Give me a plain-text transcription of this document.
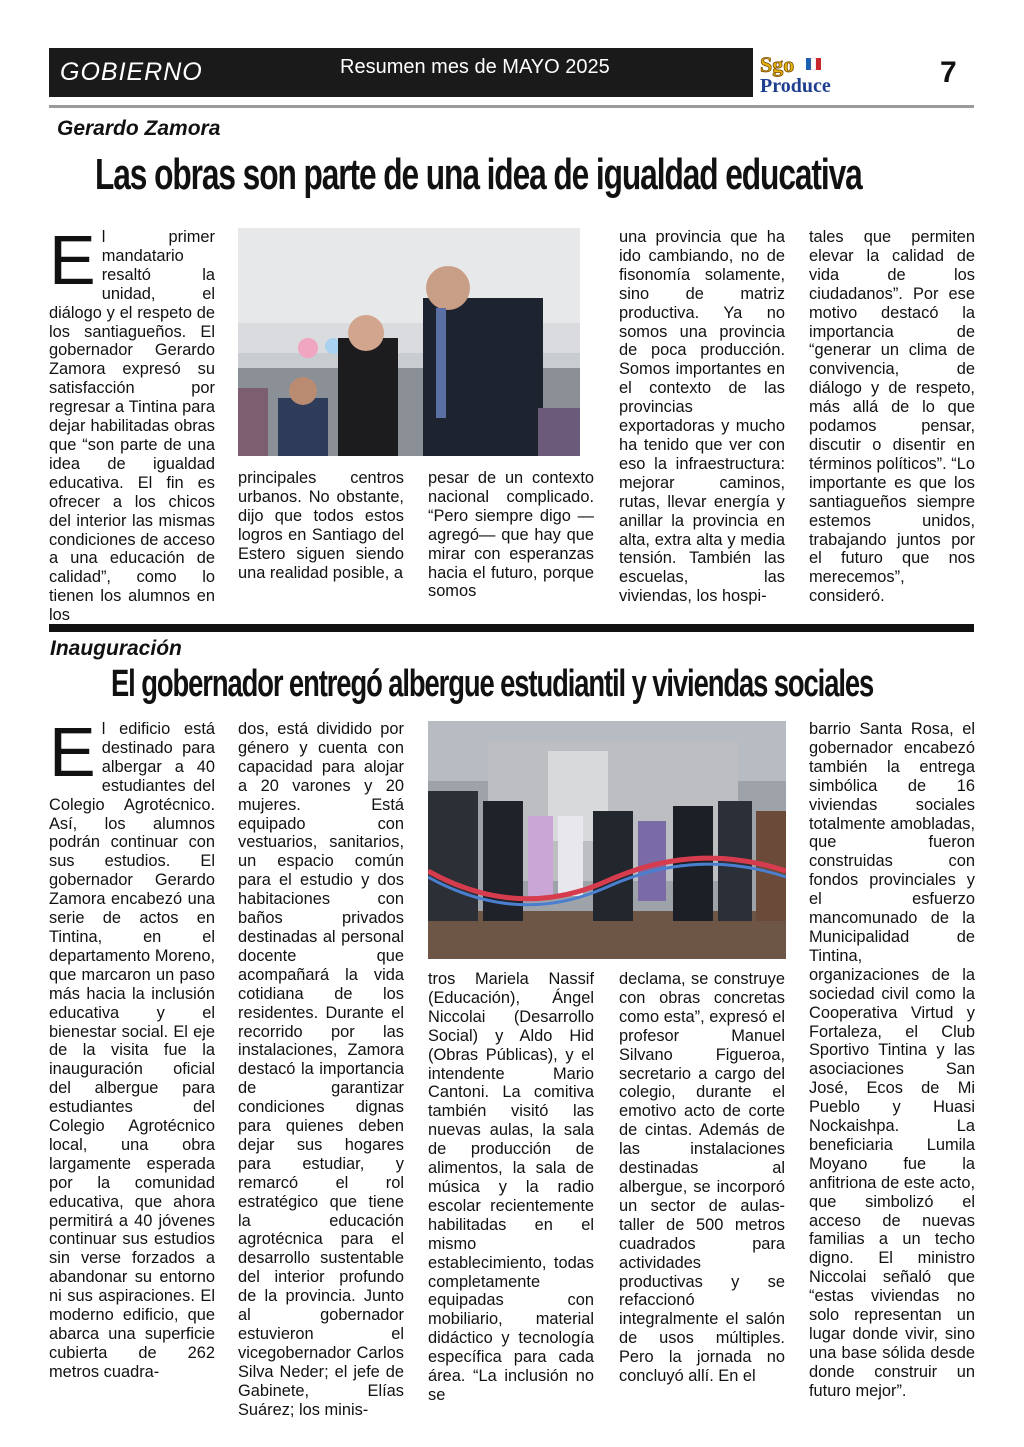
GOBIERNO	Resumen mes de MAYO 2025	Sgo
Produce	7
Gerardo Zamora
Las obras son parte de una idea de igualdad educativa
El primer mandatario resaltó la unidad, el diálogo y el respeto de los santiagueños. El gobernador Gerardo Zamora expresó su satisfacción por regresar a Tintina para dejar habilitadas obras que “son parte de una idea de igualdad educativa. El fin es ofrecer a los chicos del interior las mismas condiciones de acceso a una educación de calidad”, como lo tienen los alumnos en los
principales centros urbanos. No obstante, dijo que todos estos logros en Santiago del Estero siguen siendo una realidad posible, a
pesar de un contexto nacional complicado. “Pero siempre digo —agregó— que hay que mirar con esperanzas hacia el futuro, porque somos
una provincia que ha ido cambiando, no de fisonomía solamente, sino de matriz productiva. Ya no somos una provincia de poca producción. Somos importantes en el contexto de las provincias exportadoras y mucho ha tenido que ver con eso la infraestructura: mejorar caminos, rutas, llevar energía y anillar la provincia en alta, extra alta y media tensión. También las escuelas, las viviendas, los hospi-
tales que permiten elevar la calidad de vida de los ciudadanos”. Por ese motivo destacó la importancia de “generar un clima de convivencia, de diálogo y de respeto, más allá de lo que podamos pensar, discutir o disentir en términos políticos”. “Lo importante es que los santiagueños siempre estemos unidos, trabajando juntos por el futuro que nos merecemos”, consideró.
Inauguración
El gobernador entregó albergue estudiantil y viviendas sociales
El edificio está destinado para albergar a 40 estudiantes del Colegio Agrotécnico. Así, los alumnos podrán continuar con sus estudios. El gobernador Gerardo Zamora encabezó una serie de actos en Tintina, en el departamento Moreno, que marcaron un paso más hacia la inclusión educativa y el bienestar social. El eje de la visita fue la inauguración oficial del albergue para estudiantes del Colegio Agrotécnico local, una obra largamente esperada por la comunidad educativa, que ahora permitirá a 40 jóvenes continuar sus estudios sin verse forzados a abandonar su entorno ni sus aspiraciones. El moderno edificio, que abarca una superficie cubierta de 262 metros cuadra-
dos, está dividido por género y cuenta con capacidad para alojar a 20 varones y 20 mujeres. Está equipado con vestuarios, sanitarios, un espacio común para el estudio y dos habitaciones con baños privados destinadas al personal docente que acompañará la vida cotidiana de los residentes. Durante el recorrido por las instalaciones, Zamora destacó la importancia de garantizar condiciones dignas para quienes deben dejar sus hogares para estudiar, y remarcó el rol estratégico que tiene la educación agrotécnica para el desarrollo sustentable del interior profundo de la provincia. Junto al gobernador estuvieron el vicegobernador Carlos Silva Neder; el jefe de Gabinete, Elías Suárez; los minis-
tros Mariela Nassif (Educación), Ángel Niccolai (Desarrollo Social) y Aldo Hid (Obras Públicas), y el intendente Mario Cantoni. La comitiva también visitó las nuevas aulas, la sala de producción de alimentos, la sala de música y la radio escolar recientemente habilitadas en el mismo establecimiento, todas completamente equipadas con mobiliario, material didáctico y tecnología específica para cada área. “La inclusión no se
declama, se construye con obras concretas como esta”, expresó el profesor Manuel Silvano Figueroa, secretario a cargo del colegio, durante el emotivo acto de corte de cintas. Además de las instalaciones destinadas al albergue, se incorporó un sector de aulas-taller de 500 metros cuadrados para actividades productivas y se refaccionó integralmente el salón de usos múltiples. Pero la jornada no concluyó allí. En el
barrio Santa Rosa, el gobernador encabezó también la entrega simbólica de 16 viviendas sociales totalmente amobladas, que fueron construidas con fondos provinciales y el esfuerzo mancomunado de la Municipalidad de Tintina, organizaciones de la sociedad civil como la Cooperativa Virtud y Fortaleza, el Club Sportivo Tintina y las asociaciones San José, Ecos de Mi Pueblo y Huasi Nockaishpa. La beneficiaria Lumila Moyano fue la anfitriona de este acto, que simbolizó el acceso de nuevas familias a un techo digno. El ministro Niccolai señaló que “estas viviendas no solo representan un lugar donde vivir, sino una base sólida desde donde construir un futuro mejor”.
